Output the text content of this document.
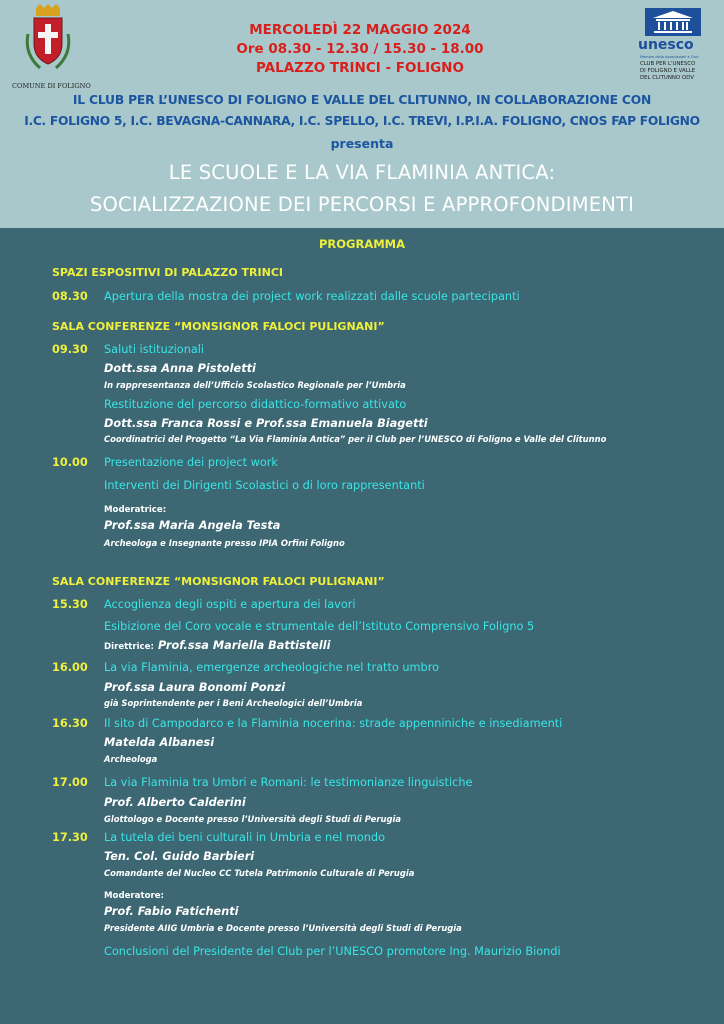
COMUNE DI FOLIGNO
MERCOLEDÌ 22 MAGGIO 2024
Ore 08.30 - 12.30 / 15.30 - 18.00
PALAZZO TRINCI - FOLIGNO
unesco
Membro della Associazioni e Club
CLUB PER L'UNESCO
DI FOLIGNO E VALLE
DEL CLITUNNO ODV
IL CLUB PER L’UNESCO DI FOLIGNO E VALLE DEL CLITUNNO, IN COLLABORAZIONE CON
I.C. FOLIGNO 5, I.C. BEVAGNA-CANNARA, I.C. SPELLO, I.C. TREVI, I.P.I.A. FOLIGNO, CNOS FAP FOLIGNO
presenta
LE SCUOLE E LA VIA FLAMINIA ANTICA:
SOCIALIZZAZIONE DEI PERCORSI E APPROFONDIMENTI
PROGRAMMA
SPAZI ESPOSITIVI DI PALAZZO TRINCI
08.30 Apertura della mostra dei project work realizzati dalle scuole partecipanti
SALA CONFERENZE “MONSIGNOR FALOCI PULIGNANI”
09.30 Saluti istituzionali
Dott.ssa Anna Pistoletti
In rappresentanza dell’Ufficio Scolastico Regionale per l’Umbria
Restituzione del percorso didattico-formativo attivato
Dott.ssa Franca Rossi e Prof.ssa Emanuela Biagetti
Coordinatrici del Progetto “La Via Flaminia Antica” per il Club per l’UNESCO di Foligno e Valle del Clitunno
10.00 Presentazione dei project work
Interventi dei Dirigenti Scolastici o di loro rappresentanti
Moderatrice:
Prof.ssa Maria Angela Testa
Archeologa e Insegnante presso IPIA Orfini Foligno
SALA CONFERENZE “MONSIGNOR FALOCI PULIGNANI”
15.30 Accoglienza degli ospiti e apertura dei lavori
Esibizione del Coro vocale e strumentale dell’Istituto Comprensivo Foligno 5
Direttrice: Prof.ssa Mariella Battistelli
16.00 La via Flaminia, emergenze archeologiche nel tratto umbro
Prof.ssa Laura Bonomi Ponzi
già Soprintendente per i Beni Archeologici dell’Umbria
16.30 Il sito di Campodarco e la Flaminia nocerina: strade appenniniche e insediamenti
Matelda Albanesi
Archeologa
17.00 La via Flaminia tra Umbri e Romani: le testimonianze linguistiche
Prof. Alberto Calderini
Glottologo e Docente presso l’Università degli Studi di Perugia
17.30 La tutela dei beni culturali in Umbria e nel mondo
Ten. Col. Guido Barbieri
Comandante del Nucleo CC Tutela Patrimonio Culturale di Perugia
Moderatore:
Prof. Fabio Fatichenti
Presidente AIIG Umbria e Docente presso l’Università degli Studi di Perugia
Conclusioni del Presidente del Club per l’UNESCO promotore Ing. Maurizio Biondi
